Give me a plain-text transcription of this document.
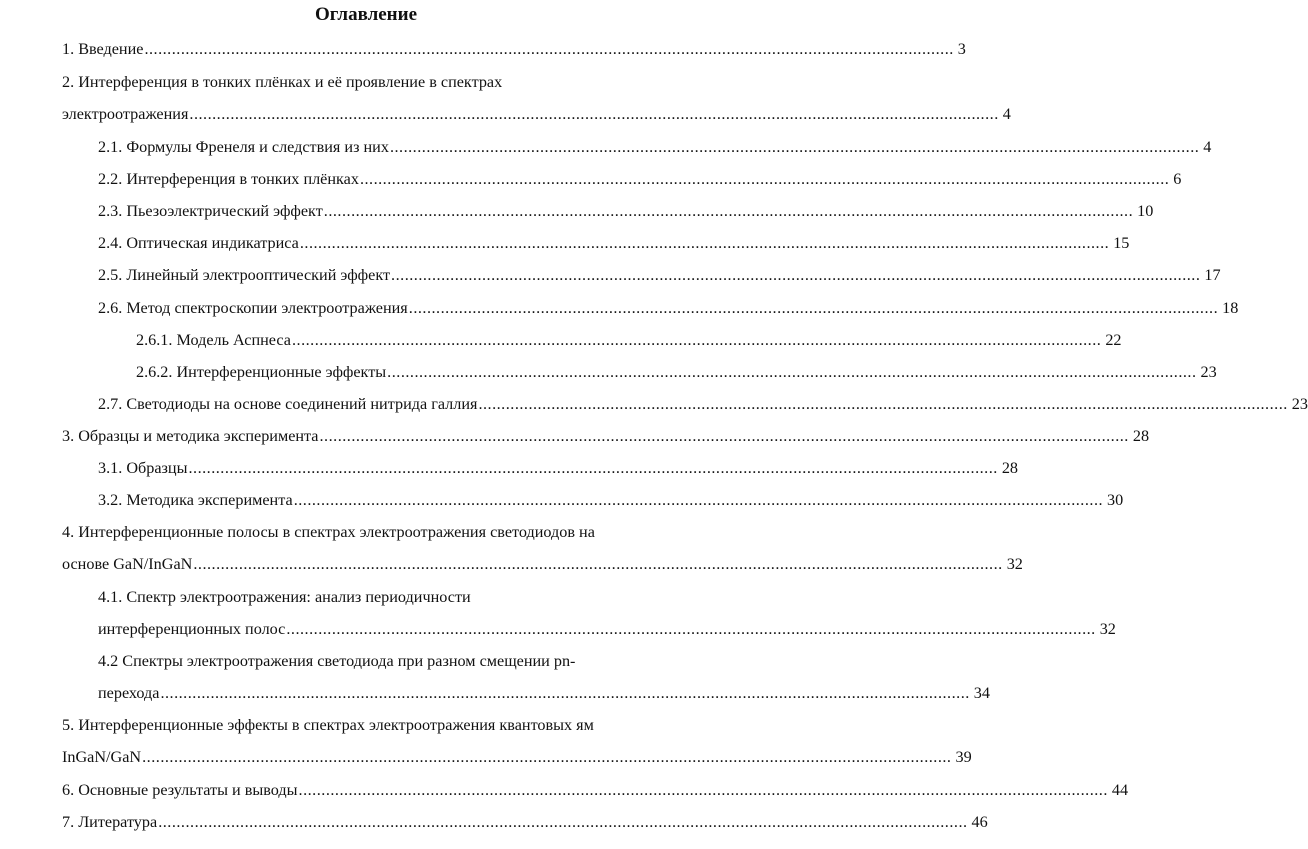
Оглавление
1. Введение .................................................................................................................................................................................. 3
2. Интерференция в тонких плёнках и её проявление в спектрах
электроотражения .................................................................................................................................................................................. 4
2.1. Формулы Френеля и следствия из них .................................................................................................................................................................................. 4
2.2. Интерференция в тонких плёнках .................................................................................................................................................................................. 6
2.3. Пьезоэлектрический эффект .................................................................................................................................................................................. 10
2.4. Оптическая индикатриса .................................................................................................................................................................................. 15
2.5. Линейный электрооптический эффект .................................................................................................................................................................................. 17
2.6. Метод спектроскопии электроотражения .................................................................................................................................................................................. 18
2.6.1. Модель Аспнеса .................................................................................................................................................................................. 22
2.6.2. Интерференционные эффекты .................................................................................................................................................................................. 23
2.7. Светодиоды на основе соединений нитрида галлия .................................................................................................................................................................................. 23
3. Образцы и методика эксперимента .................................................................................................................................................................................. 28
3.1. Образцы .................................................................................................................................................................................. 28
3.2. Методика эксперимента .................................................................................................................................................................................. 30
4. Интерференционные полосы в спектрах электроотражения светодиодов на
основе GaN/InGaN .................................................................................................................................................................................. 32
4.1. Спектр электроотражения: анализ периодичности
интерференционных полос .................................................................................................................................................................................. 32
4.2 Спектры электроотражения светодиода при разном смещении pn-
перехода .................................................................................................................................................................................. 34
5. Интерференционные эффекты в спектрах электроотражения квантовых ям
InGaN/GaN .................................................................................................................................................................................. 39
6. Основные результаты и выводы .................................................................................................................................................................................. 44
7. Литература .................................................................................................................................................................................. 46
